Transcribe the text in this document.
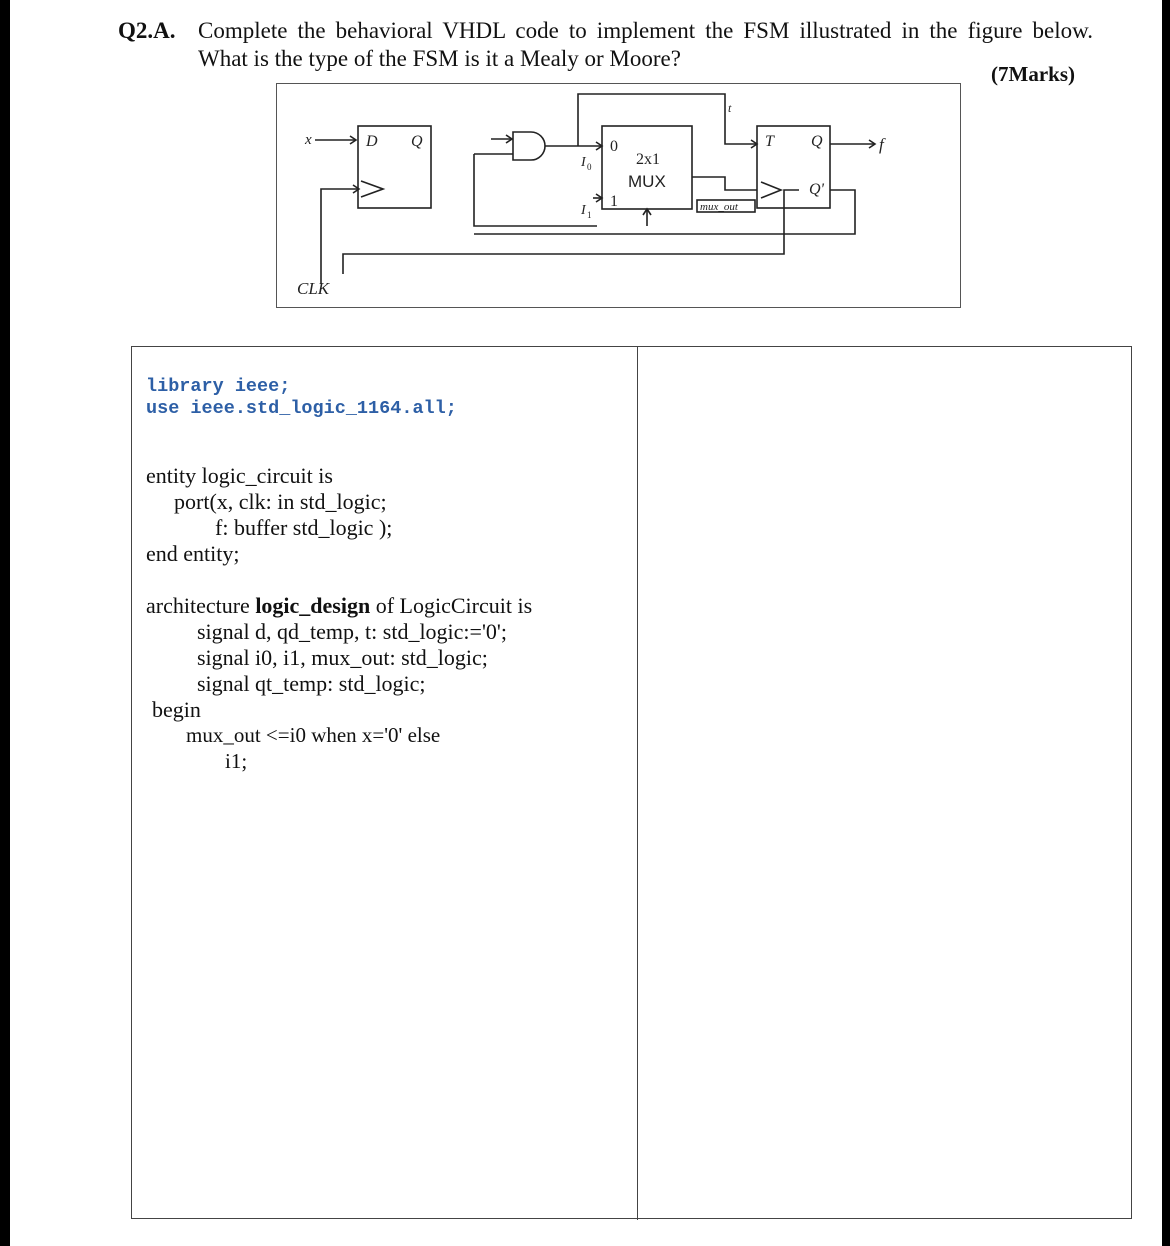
Q2.A. Complete the behavioral VHDL code to implement the FSM illustrated in the figure below.
What is the type of the FSM is it a Mealy or Moore?
(7Marks)
x	D Q	0
1
I 0
I 1
2x1
MUX
t
mux_out
T Q
Q'
f
CLK
library ieee;
use ieee.std_logic_1164.all;
entity logic_circuit is
port(x, clk: in std_logic;
f: buffer std_logic );
end entity;
architecture logic_design of LogicCircuit is
signal d, qd_temp, t: std_logic:='0';
signal i0, i1, mux_out: std_logic;
signal qt_temp: std_logic;
begin
mux_out <=i0 when x='0' else
i1;
